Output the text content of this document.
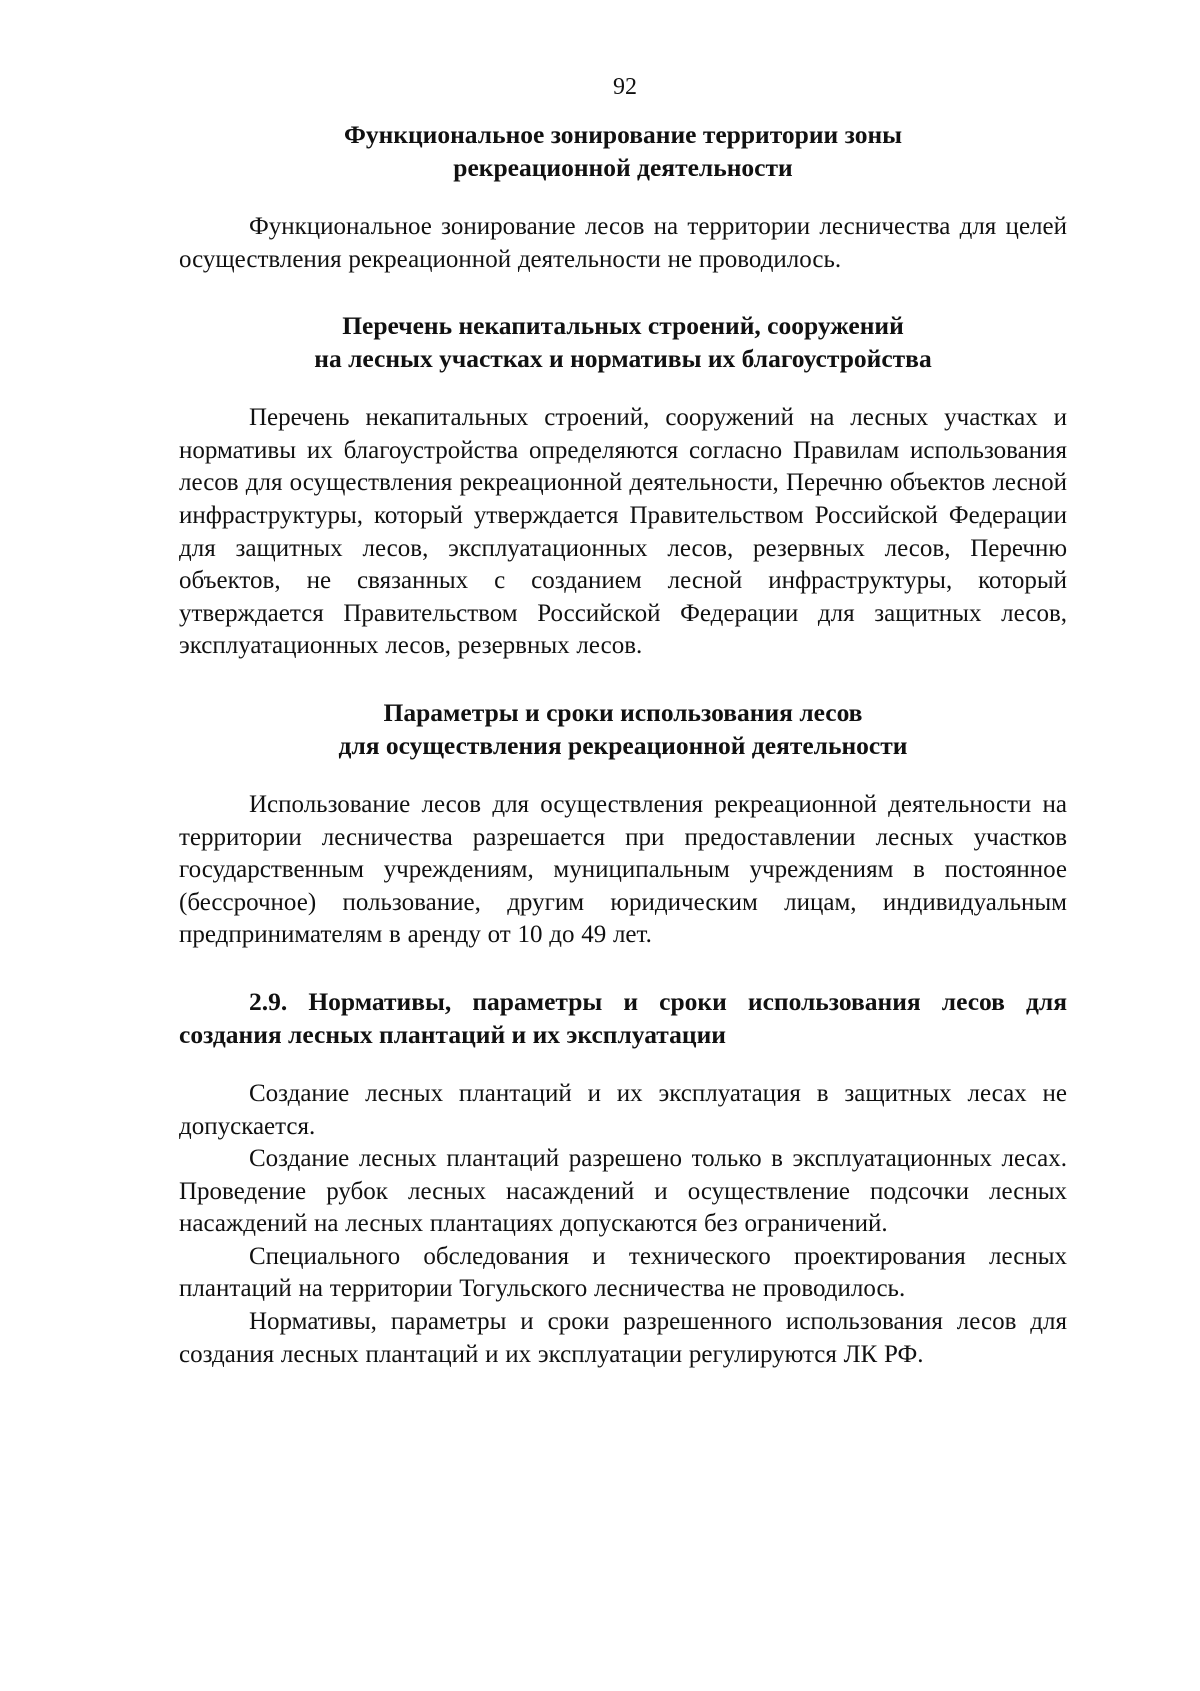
92
Функциональное зонирование территории зоны
рекреационной деятельности

Функциональное зонирование лесов на территории лесничества для целей осуществления рекреационной деятельности не проводилось.

Перечень некапитальных строений, сооружений
на лесных участках и нормативы их благоустройства

Перечень некапитальных строений, сооружений на лесных участках и нормативы их благоустройства определяются согласно Правилам использования лесов для осуществления рекреационной деятельности, Перечню объектов лесной инфраструктуры, который утверждается Правительством Российской Федерации для защитных лесов, эксплуатационных лесов, резервных лесов, Перечню объектов, не связанных с созданием лесной инфраструктуры, который утверждается Правительством Российской Федерации для защитных лесов, эксплуатационных лесов, резервных лесов.

Параметры и сроки использования лесов
для осуществления рекреационной деятельности

Использование лесов для осуществления рекреационной деятельности на территории лесничества разрешается при предоставлении лесных участков государственным учреждениям, муниципальным учреждениям в постоянное (бессрочное) пользование, другим юридическим лицам, индивидуальным предпринимателям в аренду от 10 до 49 лет.

2.9. Нормативы, параметры и сроки использования лесов для создания лесных плантаций и их эксплуатации

Создание лесных плантаций и их эксплуатация в защитных лесах не допускается.

Создание лесных плантаций разрешено только в эксплуатационных лесах. Проведение рубок лесных насаждений и осуществление подсочки лесных насаждений на лесных плантациях допускаются без ограничений.

Специального обследования и технического проектирования лесных плантаций на территории Тогульского лесничества не проводилось.

Нормативы, параметры и сроки разрешенного использования лесов для создания лесных плантаций и их эксплуатации регулируются ЛК РФ.
